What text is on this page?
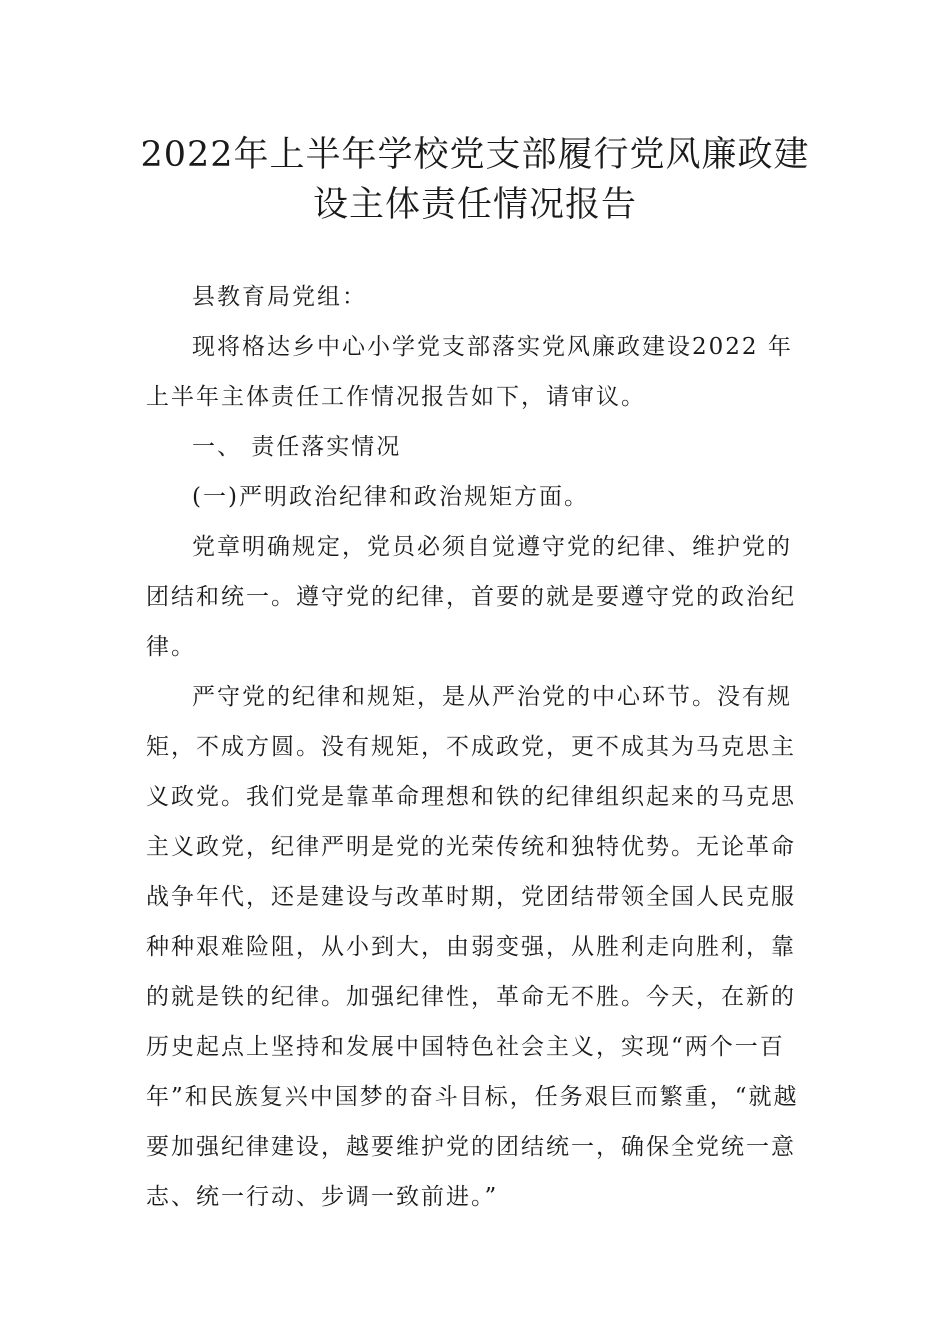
2022年上半年学校党支部履行党风廉政建
设主体责任情况报告

县教育局党组：

现将格达乡中心小学党支部落实党风廉政建设2022 年上半年主体责任工作情况报告如下，请审议。

一、 责任落实情况

(一)严明政治纪律和政治规矩方面。

党章明确规定，党员必须自觉遵守党的纪律、维护党的团结和统一。遵守党的纪律，首要的就是要遵守党的政治纪律。

严守党的纪律和规矩，是从严治党的中心环节。没有规矩，不成方圆。没有规矩，不成政党，更不成其为马克思主义政党。我们党是靠革命理想和铁的纪律组织起来的马克思主义政党，纪律严明是党的光荣传统和独特优势。无论革命战争年代，还是建设与改革时期，党团结带领全国人民克服种种艰难险阻，从小到大，由弱变强，从胜利走向胜利，靠的就是铁的纪律。加强纪律性，革命无不胜。今天，在新的历史起点上坚持和发展中国特色社会主义，实现“两个一百年”和民族复兴中国梦的奋斗目标，任务艰巨而繁重，“就越要加强纪律建设，越要维护党的团结统一，确保全党统一意志、统一行动、步调一致前进。”
